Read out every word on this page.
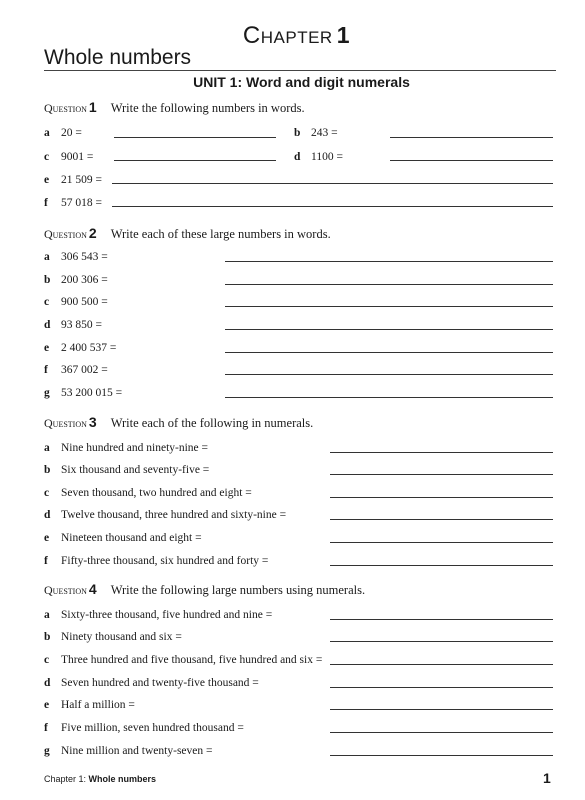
CHAPTER 1
Whole numbers
UNIT 1: Word and digit numerals
Question 1 Write the following numbers in words.
a 20 =	b 243 =
c 9001 =	d 1100 =
e 21 509 =
f 57 018 =
Question 2 Write each of these large numbers in words.
a 306 543 =
b 200 306 =
c 900 500 =
d 93 850 =
e 2 400 537 =
f 367 002 =
g 53 200 015 =
Question 3 Write each of the following in numerals.
a Nine hundred and ninety-nine =
b Six thousand and seventy-five =
c Seven thousand, two hundred and eight =
d Twelve thousand, three hundred and sixty-nine =
e Nineteen thousand and eight =
f Fifty-three thousand, six hundred and forty =
Question 4 Write the following large numbers using numerals.
a Sixty-three thousand, five hundred and nine =
b Ninety thousand and six =
c Three hundred and five thousand, five hundred and six =
d Seven hundred and twenty-five thousand =
e Half a million =
f Five million, seven hundred thousand =
g Nine million and twenty-seven =
Chapter 1: Whole numbers	1
